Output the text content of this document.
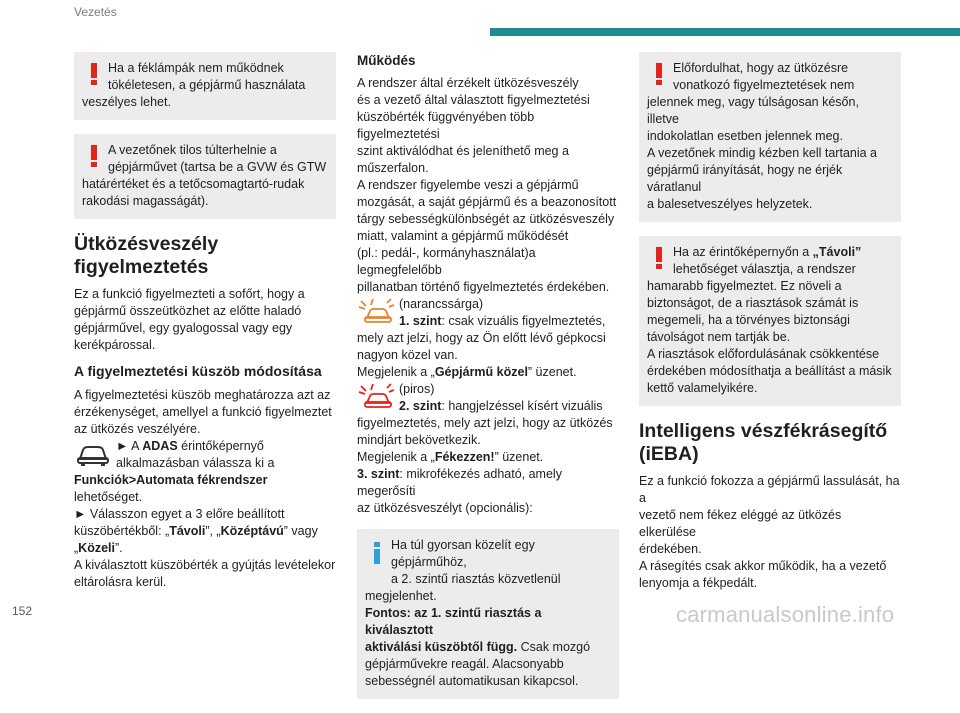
Vezetés

Ha a féklámpák nem működnek

tökéletesen, a gépjármű használata

veszélyes lehet.

A vezetőnek tilos túlterhelnie a

gépjárművet (tartsa be a GVW és GTW

határértéket és a tetőcsomagtartó-rudak

rakodási magasságát).

Ütközésveszély
figyelmeztetés

Ez a funkció figyelmezteti a sofőrt, hogy a

gépjármű összeütközhet az előtte haladó

gépjárművel, egy gyalogossal vagy egy

kerékpárossal.

A figyelmeztetési küszöb módosítása

A figyelmeztetési küszöb meghatározza azt az

érzékenységet, amellyel a funkció figyelmeztet

az ütközés veszélyére.

► A ADAS érintőképernyő

alkalmazásban válassza ki a

Funkciók>Automata fékrendszer lehetőséget.

► Válasszon egyet a 3 előre beállított

küszöbértékből: „Távoli”, „Középtávú” vagy

„Közeli”.

A kiválasztott küszöbérték a gyújtás levételekor

eltárolásra kerül.

Működés

A rendszer által érzékelt ütközésveszély

és a vezető által választott figyelmeztetési

küszöbérték függvényében több figyelmeztetési

szint aktiválódhat és jeleníthető meg a

műszerfalon.

A rendszer figyelembe veszi a gépjármű

mozgását, a saját gépjármű és a beazonosított

tárgy sebességkülönbségét az ütközésveszély

miatt, valamint a gépjármű működését

(pl.: pedál-, kormányhasználat)a legmegfelelőbb

pillanatban történő figyelmeztetés érdekében.

(narancssárga)

1. szint: csak vizuális figyelmeztetés,

mely azt jelzi, hogy az Ön előtt lévő gépkocsi

nagyon közel van.

Megjelenik a „Gépjármű közel” üzenet.

(piros)

2. szint: hangjelzéssel kísért vizuális

figyelmeztetés, mely azt jelzi, hogy az ütközés

mindjárt bekövetkezik.

Megjelenik a „Fékezzen!” üzenet.

3. szint: mikrofékezés adható, amely megerősíti

az ütközésveszélyt (opcionális):

Ha túl gyorsan közelít egy gépjárműhöz,

a 2. szintű riasztás közvetlenül

megjelenhet.

Fontos: az 1. szintű riasztás a kiválasztott

aktiválási küszöbtől függ. Csak mozgó

gépjárművekre reagál. Alacsonyabb

sebességnél automatikusan kikapcsol.

Előfordulhat, hogy az ütközésre

vonatkozó figyelmeztetések nem

jelennek meg, vagy túlságosan későn, illetve

indokolatlan esetben jelennek meg.

A vezetőnek mindig kézben kell tartania a

gépjármű irányítását, hogy ne érjék váratlanul

a balesetveszélyes helyzetek.

Ha az érintőképernyőn a „Távoli”

lehetőséget választja, a rendszer

hamarabb figyelmeztet. Ez növeli a

biztonságot, de a riasztások számát is

megemeli, ha a törvényes biztonsági

távolságot nem tartják be.

A riasztások előfordulásának csökkentése

érdekében módosíthatja a beállítást a másik

kettő valamelyikére.

Intelligens vészfékrásegítő
(iEBA)

Ez a funkció fokozza a gépjármű lassulását, ha a

vezető nem fékez eléggé az ütközés elkerülése

érdekében.

A rásegítés csak akkor működik, ha a vezető

lenyomja a fékpedált.

152	carmanualsonline.info
